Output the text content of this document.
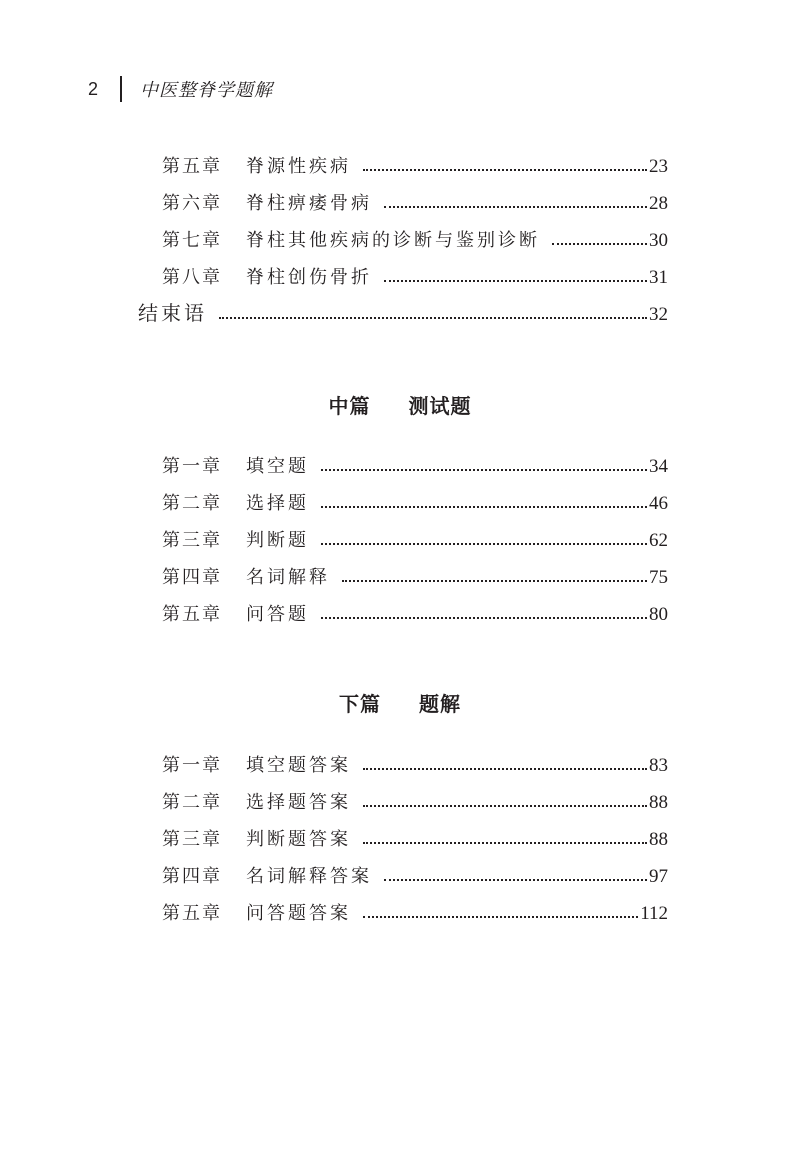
2 中医整脊学题解
第五章	脊源性疾病	23
第六章	脊柱痹痿骨病	28
第七章	脊柱其他疾病的诊断与鉴别诊断	30
第八章	脊柱创伤骨折	31
结束语	32
中篇 测试题
第一章	填空题	34
第二章	选择题	46
第三章	判断题	62
第四章	名词解释	75
第五章	问答题	80
下篇 题解
第一章	填空题答案	83
第二章	选择题答案	88
第三章	判断题答案	88
第四章	名词解释答案	97
第五章	问答题答案	112
